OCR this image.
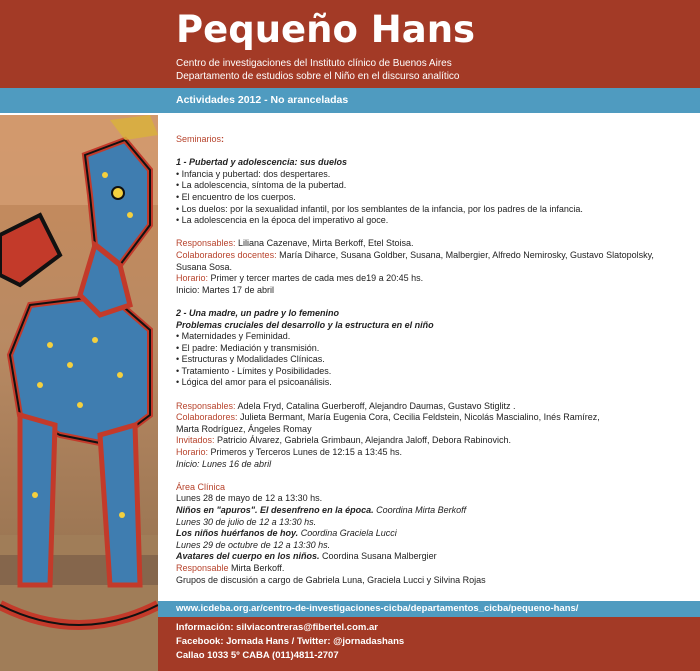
Pequeño Hans
Centro de investigaciones del Instituto clínico de Buenos Aires
Departamento de estudios sobre el Niño en el discurso analítico
Actividades 2012 - No aranceladas
Seminarios:
1 - Pubertad y adolescencia: sus duelos
• Infancia y pubertad: dos despertares.
• La adolescencia, síntoma de la pubertad.
• El encuentro de los cuerpos.
• Los duelos: por la sexualidad infantil, por los semblantes de la infancia, por los padres de la infancia.
• La adolescencia en la época del imperativo al goce.
Responsables: Liliana Cazenave, Mirta Berkoff, Etel Stoisa.
Colaboradores docentes: María Diharce, Susana Goldber, Susana, Malbergier, Alfredo Nemirosky, Gustavo Slatopolsky,
Susana Sosa.
Horario: Primer y tercer martes de cada mes de19 a 20:45 hs.
Inicio: Martes 17 de abril
2 - Una madre, un padre y lo femenino
Problemas cruciales del desarrollo y la estructura en el niño
• Maternidades y Feminidad.
• El padre: Mediación y transmisión.
• Estructuras y Modalidades Clínicas.
• Tratamiento - Límites y Posibilidades.
• Lógica del amor para el psicoanálisis.
Responsables: Adela Fryd, Catalina Guerberoff, Alejandro Daumas, Gustavo Stiglitz .
Colaboradores: Julieta Bermant, María Eugenia Cora, Cecilia Feldstein, Nicolás Mascialino, Inés Ramírez,
Marta Rodríguez, Ángeles Romay
Invitados: Patricio Álvarez, Gabriela Grimbaun, Alejandra Jaloff, Debora Rabinovich.
Horario: Primeros y Terceros Lunes de 12:15 a 13:45 hs.
Inicio: Lunes 16 de abril
Área Clínica
Lunes 28 de mayo de 12 a 13:30 hs.
Niños en "apuros". El desenfreno en la época. Coordina Mirta Berkoff
Lunes 30 de julio de 12 a 13:30 hs.
Los niños huérfanos de hoy. Coordina Graciela Lucci
Lunes 29 de octubre de 12 a 13:30 hs.
Avatares del cuerpo en los niños. Coordina Susana Malbergier
Responsable Mirta Berkoff.
Grupos de discusión a cargo de Gabriela Luna, Graciela Lucci y Silvina Rojas
www.icdeba.org.ar/centro-de-investigaciones-cicba/departamentos_cicba/pequeno-hans/
Información: silviacontreras@fibertel.com.ar
Facebook: Jornada Hans / Twitter: @jornadashans
Callao 1033 5º CABA (011)4811-2707
